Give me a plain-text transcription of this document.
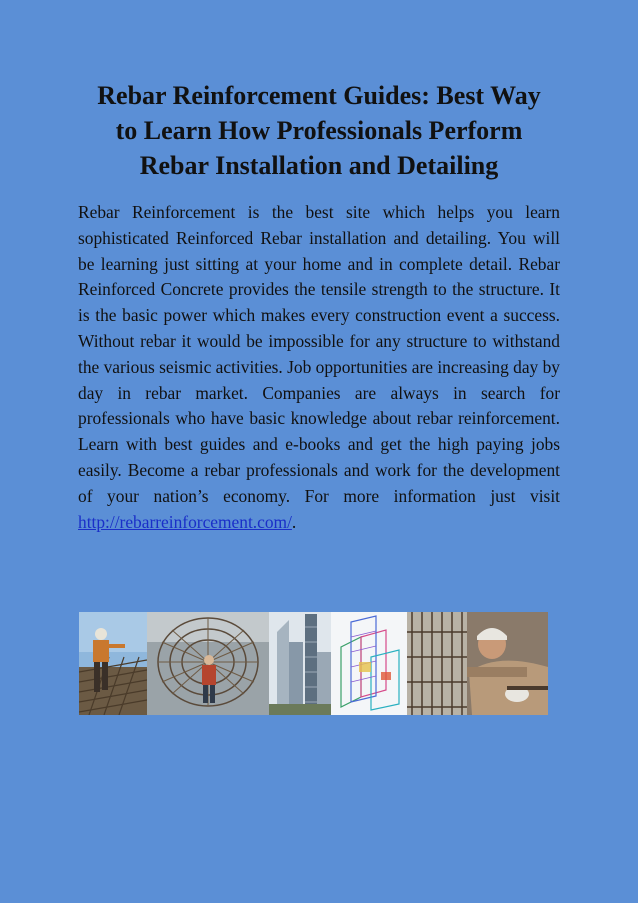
Rebar Reinforcement Guides: Best Way
to Learn How Professionals Perform
Rebar Installation and Detailing

Rebar Reinforcement is the best site which helps you learn sophisticated Reinforced Rebar installation and detailing. You will be learning just sitting at your home and in complete detail. Rebar Reinforced Concrete provides the tensile strength to the structure. It is the basic power which makes every construction event a success. Without rebar it would be impossible for any structure to withstand the various seismic activities. Job opportunities are increasing day by day in rebar market. Companies are always in search for professionals who have basic knowledge about rebar reinforcement. Learn with best guides and e-books and get the high paying jobs easily. Become a rebar professionals and work for the development of your nation’s economy. For more information just visit http://rebarreinforcement.com/.
